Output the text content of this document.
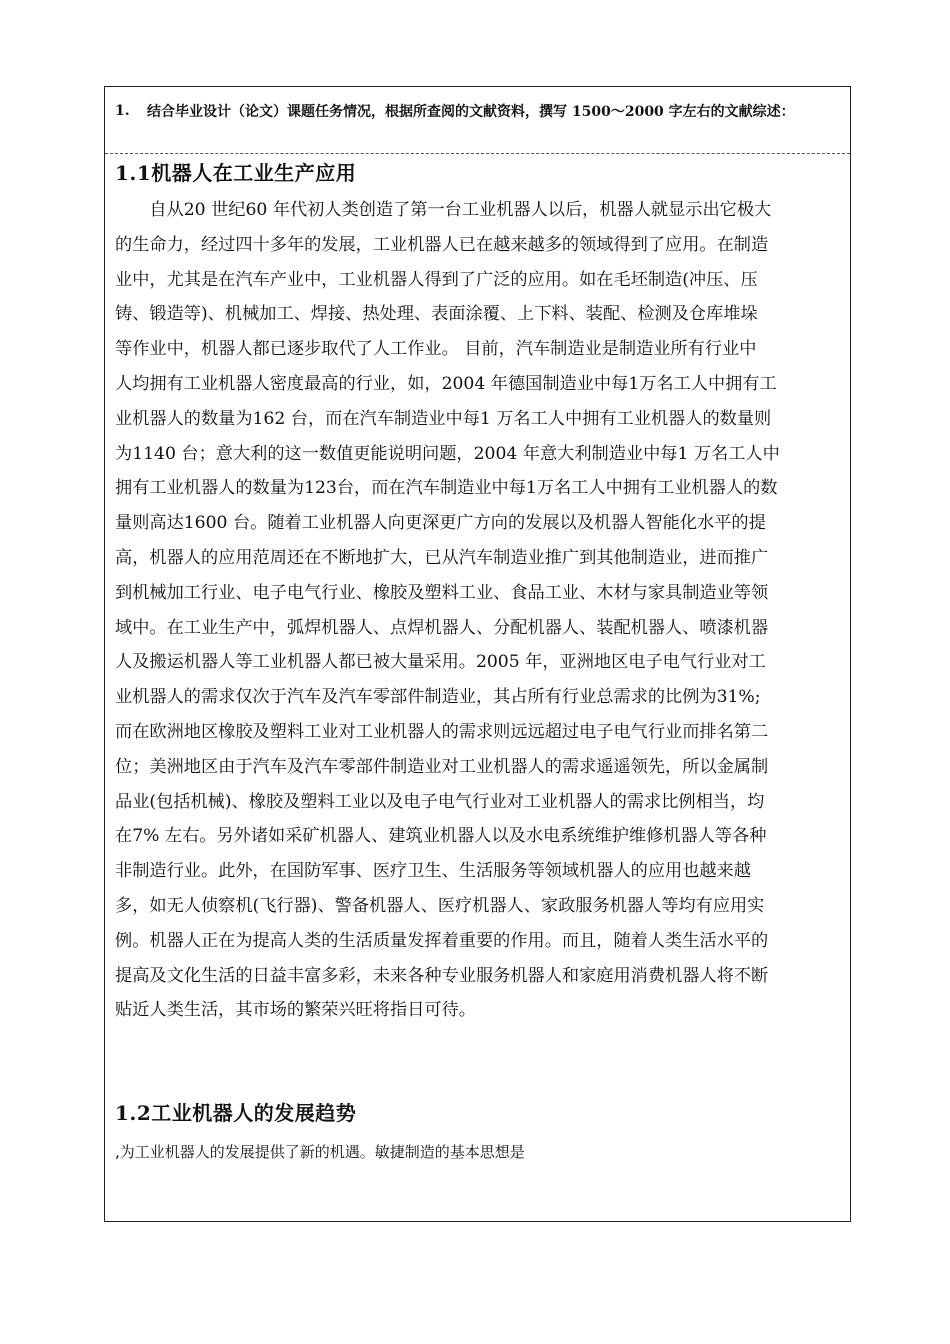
1. 结合毕业设计（论文）课题任务情况，根据所查阅的文献资料，撰写 1500～2000 字左右的文献综述：
1.1机器人在工业生产应用
　　自从20 世纪60 年代初人类创造了第一台工业机器人以后，机器人就显示出它极大
的生命力，经过四十多年的发展，工业机器人已在越来越多的领域得到了应用。在制造
业中，尤其是在汽车产业中，工业机器人得到了广泛的应用。如在毛坯制造(冲压、压
铸、锻造等)、机械加工、焊接、热处理、表面涂覆、上下料、装配、检测及仓库堆垛
等作业中，机器人都已逐步取代了人工作业。 目前，汽车制造业是制造业所有行业中
人均拥有工业机器人密度最高的行业，如，2004 年德国制造业中每1万名工人中拥有工
业机器人的数量为162 台，而在汽车制造业中每1 万名工人中拥有工业机器人的数量则
为1140 台；意大利的这一数值更能说明问题，2004 年意大利制造业中每1 万名工人中
拥有工业机器人的数量为123台，而在汽车制造业中每1万名工人中拥有工业机器人的数
量则高达1600 台。随着工业机器人向更深更广方向的发展以及机器人智能化水平的提
高，机器人的应用范周还在不断地扩大，已从汽车制造业推广到其他制造业，进而推广
到机械加工行业、电子电气行业、橡胶及塑料工业、食品工业、木材与家具制造业等领
域中。在工业生产中，弧焊机器人、点焊机器人、分配机器人、装配机器人、喷漆机器
人及搬运机器人等工业机器人都已被大量采用。2005 年，亚洲地区电子电气行业对工
业机器人的需求仅次于汽车及汽车零部件制造业，其占所有行业总需求的比例为31%;
而在欧洲地区橡胶及塑料工业对工业机器人的需求则远远超过电子电气行业而排名第二
位；美洲地区由于汽车及汽车零部件制造业对工业机器人的需求遥遥领先，所以金属制
品业(包括机械)、橡胶及塑料工业以及电子电气行业对工业机器人的需求比例相当，均
在7% 左右。另外诸如采矿机器人、建筑业机器人以及水电系统维护维修机器人等各种
非制造行业。此外，在国防军事、医疗卫生、生活服务等领域机器人的应用也越来越
多，如无人侦察机(飞行器)、警备机器人、医疗机器人、家政服务机器人等均有应用实
例。机器人正在为提高人类的生活质量发挥着重要的作用。而且，随着人类生活水平的
提高及文化生活的日益丰富多彩，未来各种专业服务机器人和家庭用消费机器人将不断
贴近人类生活，其市场的繁荣兴旺将指日可待。
1.2工业机器人的发展趋势
,为工业机器人的发展提供了新的机遇。敏捷制造的基本思想是
